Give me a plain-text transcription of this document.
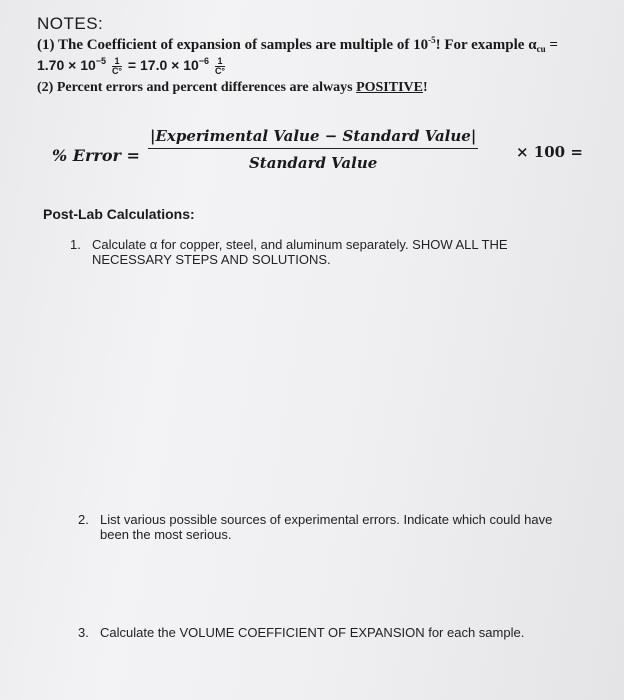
NOTES:
(1) The Coefficient of expansion of samples are multiple of $10^{-5}$! For example $\alpha_{cu}$ =
$1.70 \times 10^{-5} \frac{1}{C^\circ} = 17.0 \times 10^{-6} \frac{1}{C^\circ}$
(2) Percent errors and percent differences are always POSITIVE!
% Error =
|Experimental Value − Standard Value|
Standard Value
× 100 =
Post-Lab Calculations:
1. Calculate α for copper, steel, and aluminum separately. SHOW ALL THE
NECESSARY STEPS AND SOLUTIONS.
2. List various possible sources of experimental errors. Indicate which could have
been the most serious.
3. Calculate the VOLUME COEFFICIENT OF EXPANSION for each sample.
